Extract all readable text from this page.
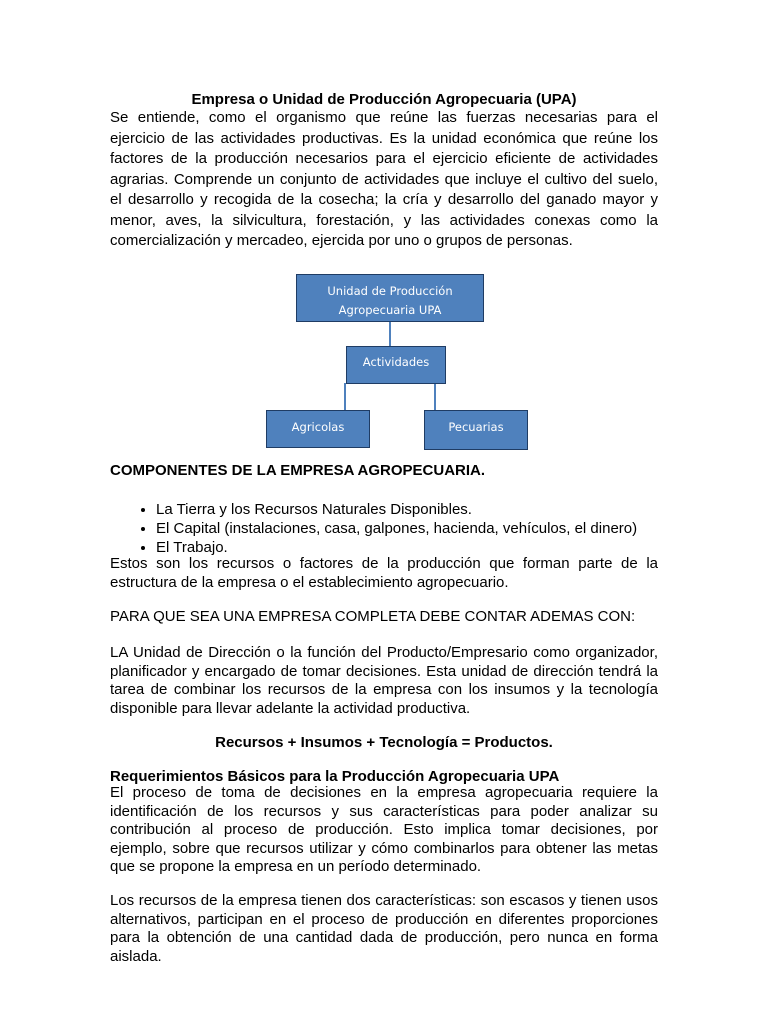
Empresa o Unidad de Producción Agropecuaria (UPA)

Se entiende, como el organismo que reúne las fuerzas necesarias para el ejercicio de las actividades productivas. Es la unidad económica que reúne los factores de la producción necesarios para el ejercicio eficiente de actividades agrarias. Comprende un conjunto de actividades que incluye el cultivo del suelo, el desarrollo y recogida de la cosecha; la cría y desarrollo del ganado mayor y menor, aves, la silvicultura, forestación, y las actividades conexas como la comercialización y mercadeo, ejercida por uno o grupos de personas.

Unidad de Producción
Agropecuaria UPA
Actividades
Agricolas	Pecuarias

COMPONENTES DE LA EMPRESA AGROPECUARIA.

• La Tierra y los Recursos Naturales Disponibles.
• El Capital (instalaciones, casa, galpones, hacienda, vehículos, el dinero)
• El Trabajo.

Estos son los recursos o factores de la producción que forman parte de la estructura de la empresa o el establecimiento agropecuario.

PARA QUE SEA UNA EMPRESA COMPLETA DEBE CONTAR ADEMAS CON:

LA Unidad de Dirección o la función del Producto/Empresario como organizador, planificador y encargado de tomar decisiones. Esta unidad de dirección tendrá la tarea de combinar los recursos de la empresa con los insumos y la tecnología disponible para llevar adelante la actividad productiva.

Recursos + Insumos + Tecnología = Productos.

Requerimientos Básicos para la Producción Agropecuaria UPA

El proceso de toma de decisiones en la empresa agropecuaria requiere la identificación de los recursos y sus características para poder analizar su contribución al proceso de producción. Esto implica tomar decisiones, por ejemplo, sobre que recursos utilizar y cómo combinarlos para obtener las metas que se propone la empresa en un período determinado.

Los recursos de la empresa tienen dos características: son escasos y tienen usos alternativos, participan en el proceso de producción en diferentes proporciones para la obtención de una cantidad dada de producción, pero nunca en forma aislada.
